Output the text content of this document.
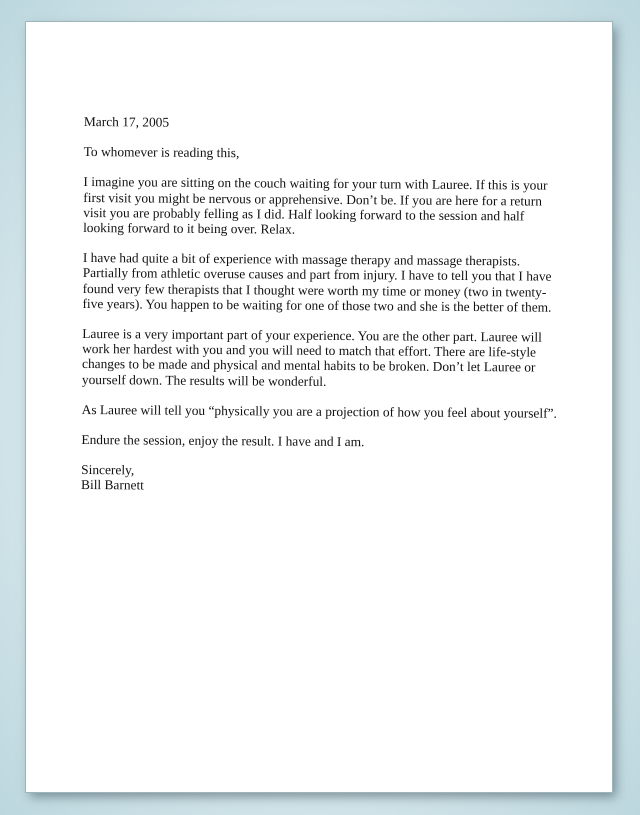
March 17, 2005
To whomever is reading this,
I imagine you are sitting on the couch waiting for your turn with Lauree. If this is your
first visit you might be nervous or apprehensive. Don’t be. If you are here for a return
visit you are probably felling as I did. Half looking forward to the session and half
looking forward to it being over. Relax.
I have had quite a bit of experience with massage therapy and massage therapists.
Partially from athletic overuse causes and part from injury. I have to tell you that I have
found very few therapists that I thought were worth my time or money (two in twenty-
five years). You happen to be waiting for one of those two and she is the better of them.
Lauree is a very important part of your experience. You are the other part. Lauree will
work her hardest with you and you will need to match that effort. There are life-style
changes to be made and physical and mental habits to be broken. Don’t let Lauree or
yourself down. The results will be wonderful.
As Lauree will tell you “physically you are a projection of how you feel about yourself”.
Endure the session, enjoy the result. I have and I am.
Sincerely,
Bill Barnett
